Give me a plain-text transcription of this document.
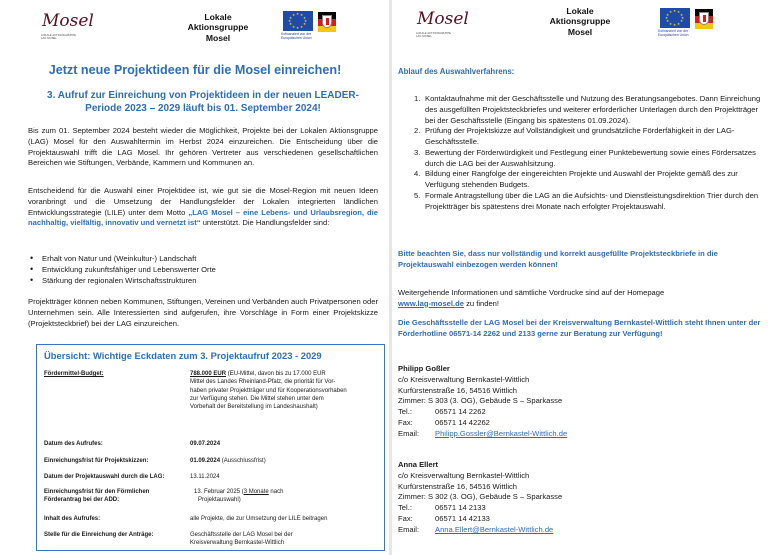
Mosel
LOKALE AKTIONSGRUPPE
LAG MOSEL
Lokale
Aktionsgruppe
Mosel
★ ★
★
★
★
★
★
★
★
★
★
★
Kofinanziert von der
Europäischen Union
Jetzt neue Projektideen für die Mosel einreichen!
3. Aufruf zur Einreichung von Projektideen in der neuen LEADER-
Periode 2023 – 2029 läuft bis 01. September 2024!

Bis zum 01. September 2024 besteht wieder die Möglichkeit, Projekte bei der Lokalen Aktionsgruppe (LAG) Mosel für den Auswahltermin im Herbst 2024 einzureichen. Die Entscheidung über die Projektauswahl trifft die LAG Mosel. Ihr gehören Vertreter aus verschiedenen gesellschaftlichen Bereichen wie Stiftungen, Verbände, Kammern und Kommunen an.

Entscheidend für die Auswahl einer Projektidee ist, wie gut sie die Mosel-Region mit neuen Ideen voranbringt und die Umsetzung der Handlungsfelder der Lokalen integrierten ländlichen Entwicklungsstrategie (LILE) unter dem Motto „LAG Mosel – eine Lebens- und Urlaubsregion, die nachhaltig, vielfältig, innovativ und vernetzt ist“ unterstützt. Die Handlungsfelder sind:

• Erhalt von Natur und (Weinkultur-) Landschaft
• Entwicklung zukunftsfähiger und Lebenswerter Orte
• Stärkung der regionalen Wirtschaftsstrukturen

Projektträger können neben Kommunen, Stiftungen, Vereinen und Verbänden auch Privatpersonen oder Unternehmen sein. Alle Interessierten sind aufgerufen, ihre Vorschläge in Form einer Projektskizze (Projektsteckbrief) bei der LAG einzureichen.

Übersicht: Wichtige Eckdaten zum 3. Projektaufruf 2023 - 2029
Fördermittel-Budget:	788.000 EUR (EU-Mittel, davon bis zu 17.000 EUR
Mittel des Landes Rheinland-Pfalz, die priorität für Vor-
haben privater Projektträger und für Kooperationsvorhaben
zur Verfügung stehen. Die Mittel stehen unter dem
Vorbehalt der Bereitstellung im Landeshaushalt)
Datum des Aufrufes:	09.07.2024
Einreichungsfrist für Projektskizzen:	01.09.2024 (Ausschlussfrist)
Datum der Projektauswahl durch die LAG:	13.11.2024
Einreichungsfrist für den Förmlichen
Förderantrag bei der ADD:
13. Februar 2025 (3 Monate nach
Projektauswahl)
Inhalt des Aufrufes:	alle Projekte, die zur Umsetzung der LILE beitragen
Stelle für die Einreichung der Anträge:	Geschäftsstelle der LAG Mosel bei der
Kreisverwaltung Bernkastel-Wittlich
Mosel
LOKALE AKTIONSGRUPPE
LAG MOSEL
Lokale
Aktionsgruppe
Mosel
★ ★
★
★
★
★
★
★
★
★
★
★
Kofinanziert von der
Europäischen Union
Ablauf des Auswahlverfahrens:
1. Kontaktaufnahme mit der Geschäftsstelle und Nutzung des Beratungsangebotes. Dann Einreichung des ausgefüllten Projektsteckbriefes und weiterer erforderlicher Unterlagen durch den Projektträger bei der Geschäftsstelle (Eingang bis spätestens 01.09.2024).
2. Prüfung der Projektskizze auf Vollständigkeit und grundsätzliche Förderfähigkeit in der LAG-Geschäftsstelle.
3. Bewertung der Förderwürdigkeit und Festlegung einer Punktebewertung sowie eines Fördersatzes durch die LAG bei der Auswahlsitzung.
4. Bildung einer Rangfolge der eingereichten Projekte und Auswahl der Projekte gemäß des zur Verfügung stehenden Budgets.
5. Formale Antragstellung über die LAG an die Aufsichts- und Dienstleistungsdirektion Trier durch den Projektträger bis spätestens drei Monate nach erfolgter Projektauswahl.

Bitte beachten Sie, dass nur vollständig und korrekt ausgefüllte Projektsteckbriefe in die Projektauswahl einbezogen werden können!

Weitergehende Informationen und sämtliche Vordrucke sind auf der Homepage
www.lag-mosel.de zu finden!

Die Geschäftsstelle der LAG Mosel bei der Kreisverwaltung Bernkastel-Wittlich steht Ihnen unter der Förderhotline 06571-14 2262 und 2133 gerne zur Beratung zur Verfügung!

Philipp Goßler
c/o Kreisverwaltung Bernkastel-Wittlich
Kurfürstenstraße 16, 54516 Wittlich
Zimmer: S 303 (3. OG), Gebäude S – Sparkasse
Tel.:	06571 14 2262
Fax:	06571 14 42262
Email: Philipp.Gossler@Bernkastel-Wittlich.de
Anna Ellert
c/o Kreisverwaltung Bernkastel-Wittlich
Kurfürstenstraße 16, 54516 Wittlich
Zimmer: S 302 (3. OG), Gebäude S – Sparkasse
Tel.:	06571 14 2133
Fax:	06571 14 42133
Email: Anna.Ellert@Bernkastel-Wittlich.de
